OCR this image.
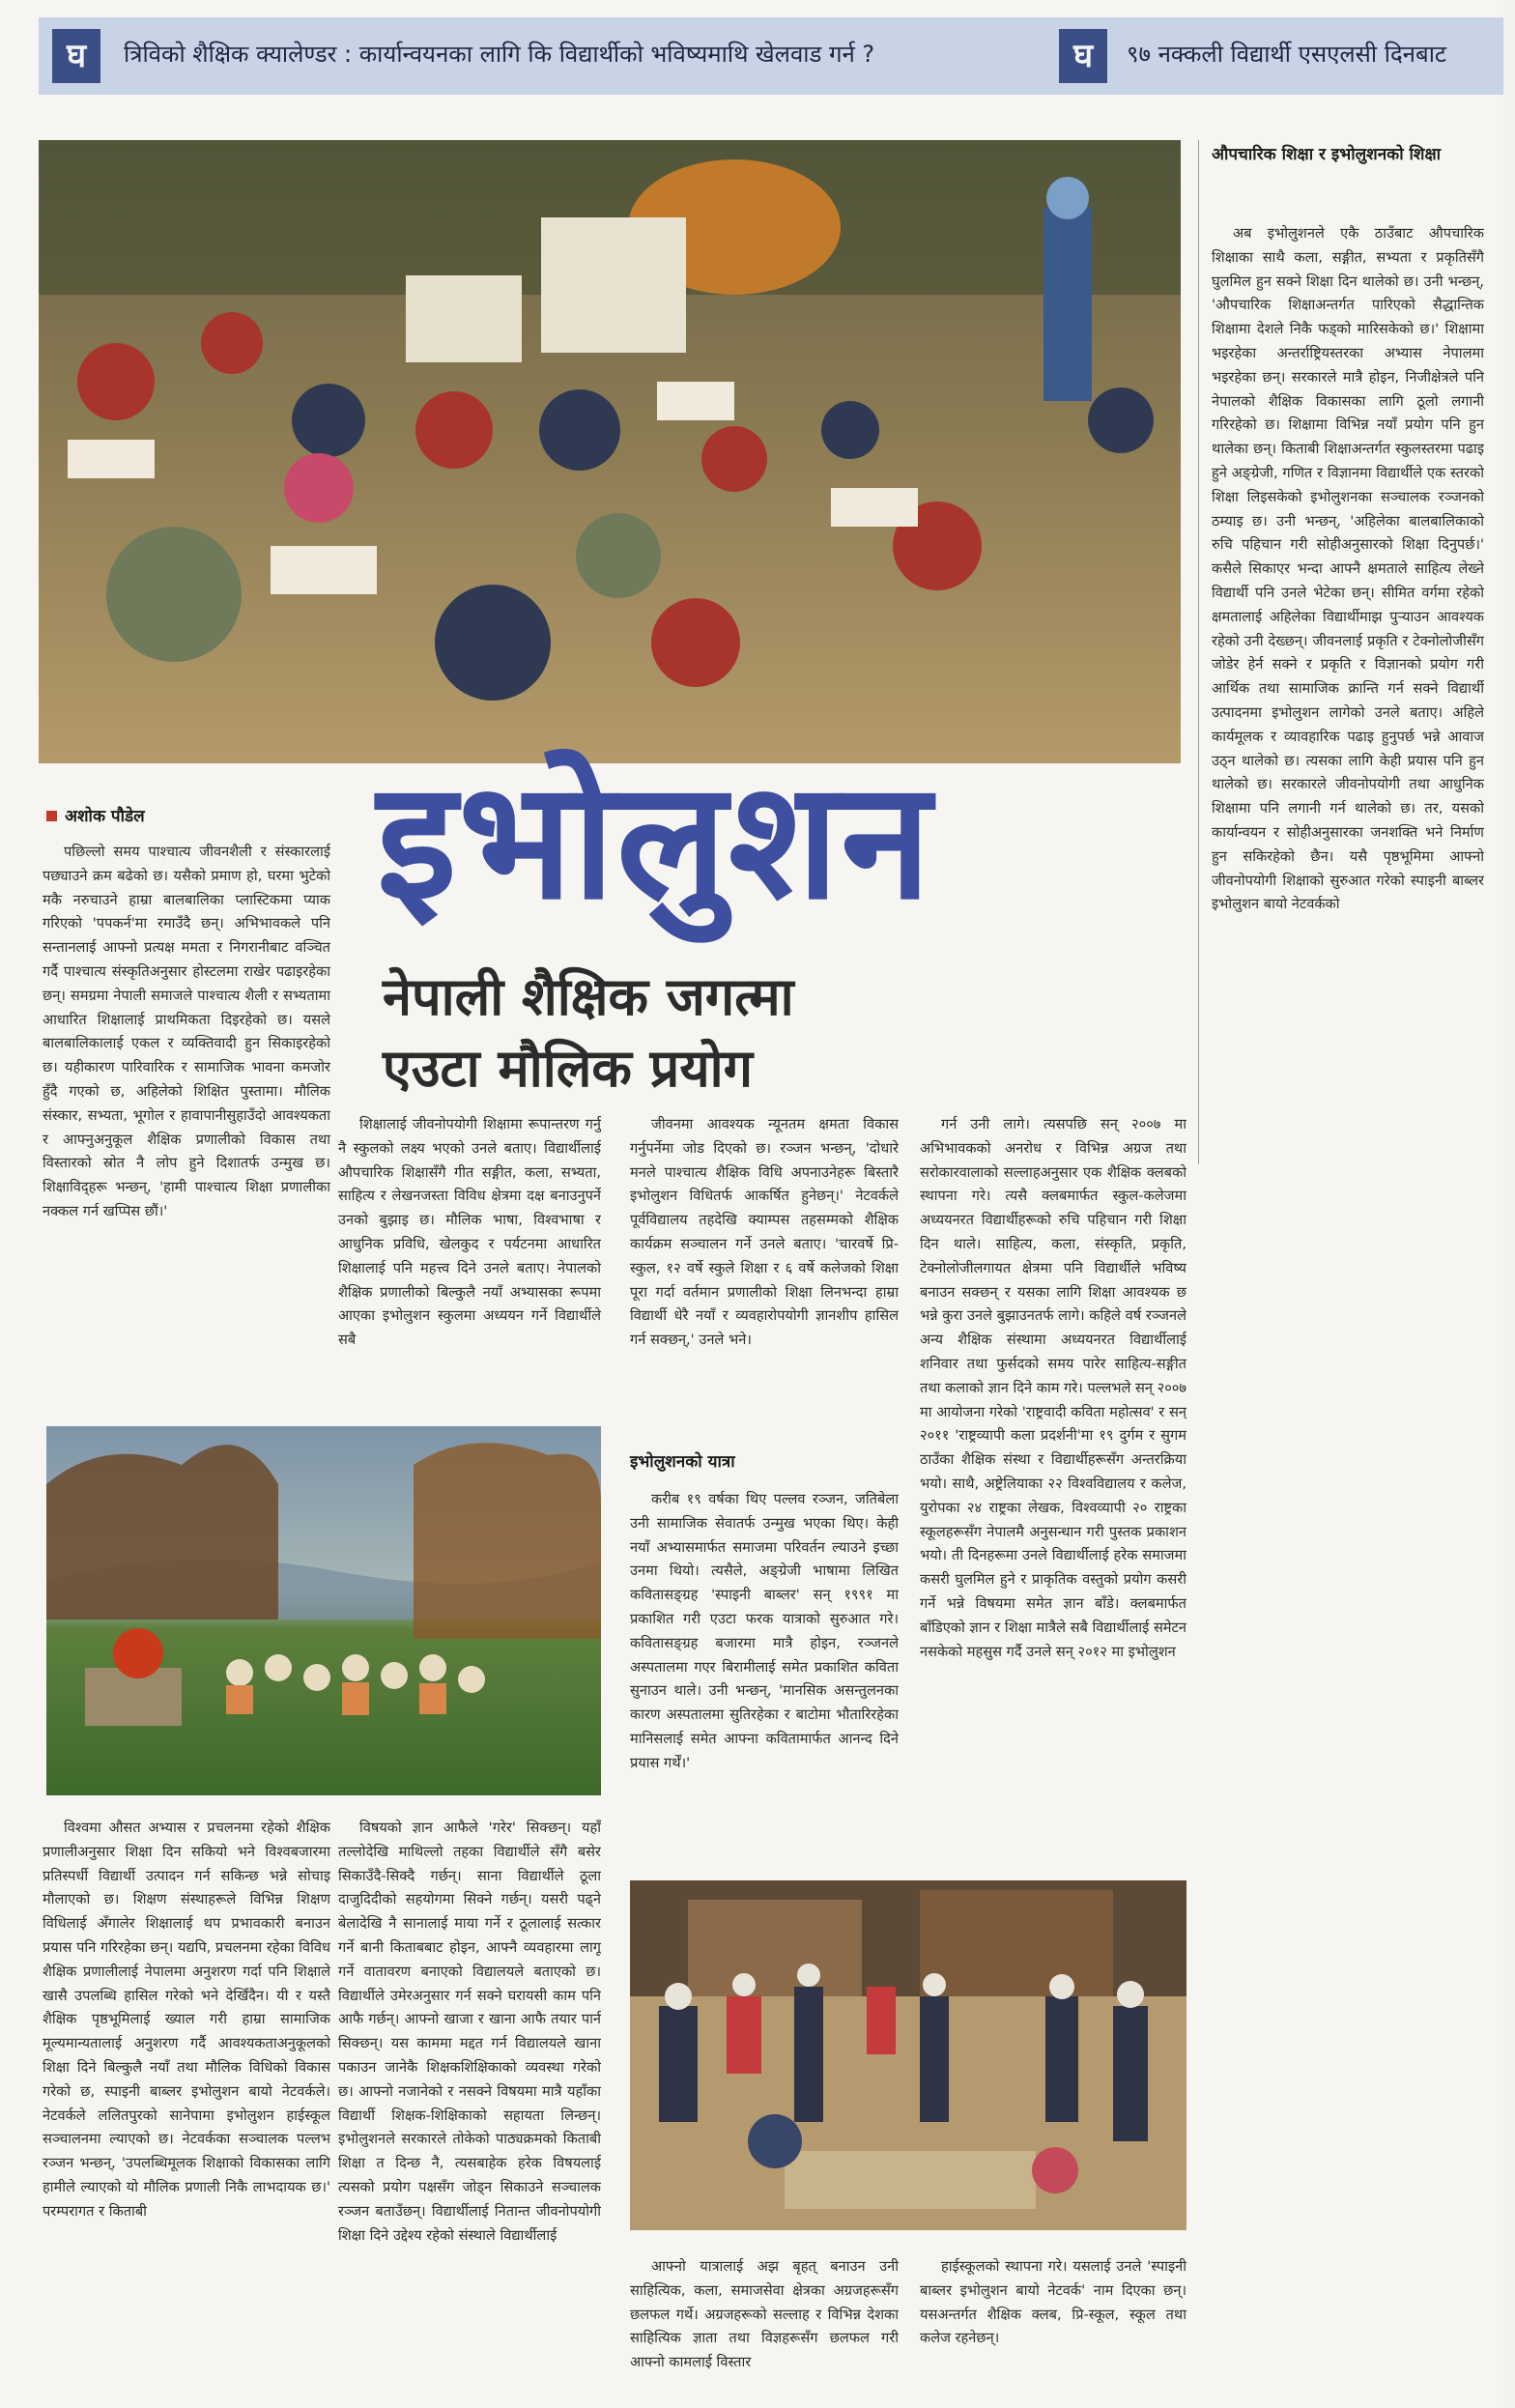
घ	त्रिविको शैक्षिक क्यालेण्डर : कार्यान्वयनका लागि कि विद्यार्थीको भविष्यमाथि खेलवाड गर्न ?	घ	९७ नक्कली विद्यार्थी एसएलसी दिनबाट
औपचारिक शिक्षा र इभोलुशनको शिक्षा

अब इभोलुशनले एकै ठाउँबाट औपचारिक शिक्षाका साथै कला, सङ्गीत, सभ्यता र प्रकृतिसँगै घुलमिल हुन सक्ने शिक्षा दिन थालेको छ। उनी भन्छन्, 'औपचारिक शिक्षाअन्तर्गत पारिएको सैद्धान्तिक शिक्षामा देशले निकै फड्को मारिसकेको छ।' शिक्षामा भइरहेका अन्तर्राष्ट्रियस्तरका अभ्यास नेपालमा भइरहेका छन्। सरकारले मात्रै होइन, निजीक्षेत्रले पनि नेपालको शैक्षिक विकासका लागि ठूलो लगानी गरिरहेको छ। शिक्षामा विभिन्न नयाँ प्रयोग पनि हुन थालेका छन्। किताबी शिक्षाअन्तर्गत स्कुलस्तरमा पढाइ हुने अङ्ग्रेजी, गणित र विज्ञानमा विद्यार्थीले एक स्तरको शिक्षा लिइसकेको इभोलुशनका सञ्चालक रञ्जनको ठम्याइ छ। उनी भन्छन्, 'अहिलेका बालबालिकाको रुचि पहिचान गरी सोहीअनुसारको शिक्षा दिनुपर्छ।' कसैले सिकाएर भन्दा आफ्नै क्षमताले साहित्य लेख्ने विद्यार्थी पनि उनले भेटेका छन्। सीमित वर्गमा रहेको क्षमतालाई अहिलेका विद्यार्थीमाझ पुऱ्याउन आवश्यक रहेको उनी देख्छन्। जीवनलाई प्रकृति र टेक्नोलोजीसँग जोडेर हेर्न सक्ने र प्रकृति र विज्ञानको प्रयोग गरी आर्थिक तथा सामाजिक क्रान्ति गर्न सक्ने विद्यार्थी उत्पादनमा इभोलुशन लागेको उनले बताए। अहिले कार्यमूलक र व्यावहारिक पढाइ हुनुपर्छ भन्ने आवाज उठ्न थालेको छ। त्यसका लागि केही प्रयास पनि हुन थालेको छ। सरकारले जीवनोपयोगी तथा आधुनिक शिक्षामा पनि लगानी गर्न थालेको छ। तर, यसको कार्यान्वयन र सोहीअनुसारका जनशक्ति भने निर्माण हुन सकिरहेको छैन। यसै पृष्ठभूमिमा आफ्नो जीवनोपयोगी शिक्षाको सुरुआत गरेको स्पाइनी बाब्लर इभोलुशन बायो नेटवर्कको

अशोक पौडेल इभोलुशन
नेपाली शैक्षिक जगत्मा
एउटा मौलिक प्रयोग

पछिल्लो समय पाश्चात्य जीवनशैली र संस्कारलाई पछ्याउने क्रम बढेको छ। यसैको प्रमाण हो, घरमा भुटेको मकै नरुचाउने हाम्रा बालबालिका प्लास्टिकमा प्याक गरिएको 'पपकर्न'मा रमाउँदै छन्। अभिभावकले पनि सन्तानलाई आफ्नो प्रत्यक्ष ममता र निगरानीबाट वञ्चित गर्दै पाश्चात्य संस्कृतिअनुसार होस्टलमा राखेर पढाइरहेका छन्। समग्रमा नेपाली समाजले पाश्चात्य शैली र सभ्यतामा आधारित शिक्षालाई प्राथमिकता दिइरहेको छ। यसले बालबालिकालाई एकल र व्यक्तिवादी हुन सिकाइरहेको छ। यहीकारण पारिवारिक र सामाजिक भावना कमजोर हुँदै गएको छ, अहिलेको शिक्षित पुस्तामा। मौलिक संस्कार, सभ्यता, भूगोल र हावापानीसुहाउँदो आवश्यकता र आफ्नुअनुकूल शैक्षिक प्रणालीको विकास तथा विस्तारको स्रोत नै लोप हुने दिशातर्फ उन्मुख छ। शिक्षाविद्हरू भन्छन्, 'हामी पाश्चात्य शिक्षा प्रणालीका नक्कल गर्न खप्पिस छौं।'

शिक्षालाई जीवनोपयोगी शिक्षामा रूपान्तरण गर्नु नै स्कुलको लक्ष्य भएको उनले बताए। विद्यार्थीलाई औपचारिक शिक्षासँगै गीत सङ्गीत, कला, सभ्यता, साहित्य र लेखनजस्ता विविध क्षेत्रमा दक्ष बनाउनुपर्ने उनको बुझाइ छ। मौलिक भाषा, विश्वभाषा र आधुनिक प्रविधि, खेलकुद र पर्यटनमा आधारित शिक्षालाई पनि महत्त्व दिने उनले बताए। नेपालको शैक्षिक प्रणालीको बिल्कुलै नयाँ अभ्यासका रूपमा आएका इभोलुशन स्कुलमा अध्ययन गर्ने विद्यार्थीले सबै

जीवनमा आवश्यक न्यूनतम क्षमता विकास गर्नुपर्नेमा जोड दिएको छ। रञ्जन भन्छन्, 'दोधारे मनले पाश्चात्य शैक्षिक विधि अपनाउनेहरू बिस्तारै इभोलुशन विधितर्फ आकर्षित हुनेछन्।' नेटवर्कले पूर्वविद्यालय तहदेखि क्याम्पस तहसम्मको शैक्षिक कार्यक्रम सञ्चालन गर्ने उनले बताए। 'चारवर्षे प्रि-स्कुल, १२ वर्षे स्कुले शिक्षा र ६ वर्षे कलेजको शिक्षा पूरा गर्दा वर्तमान प्रणालीको शिक्षा लिनभन्दा हाम्रा विद्यार्थी धेरै नयाँ र व्यवहारोपयोगी ज्ञानशीप हासिल गर्न सक्छन्,' उनले भने।

इभोलुशनको यात्रा

करीब १९ वर्षका थिए पल्लव रञ्जन, जतिबेला उनी सामाजिक सेवातर्फ उन्मुख भएका थिए। केही नयाँ अभ्यासमार्फत समाजमा परिवर्तन ल्याउने इच्छा उनमा थियो। त्यसैले, अङ्ग्रेजी भाषामा लिखित कवितासङ्ग्रह 'स्पाइनी बाब्लर' सन् १९९१ मा प्रकाशित गरी एउटा फरक यात्राको सुरुआत गरे। कवितासङ्ग्रह बजारमा मात्रै होइन, रञ्जनले अस्पतालमा गएर बिरामीलाई समेत प्रकाशित कविता सुनाउन थाले। उनी भन्छन्, 'मानसिक असन्तुलनका कारण अस्पतालमा सुतिरहेका र बाटोमा भौतारिरहेका मानिसलाई समेत आफ्ना कवितामार्फत आनन्द दिने प्रयास गर्थें।'

गर्न उनी लागे। त्यसपछि सन् २००७ मा अभिभावकको अनरोध र विभिन्न अग्रज तथा सरोकारवालाको सल्लाहअनुसार एक शैक्षिक क्लबको स्थापना गरे। त्यसै क्लबमार्फत स्कुल-कलेजमा अध्ययनरत विद्यार्थीहरूको रुचि पहिचान गरी शिक्षा दिन थाले। साहित्य, कला, संस्कृति, प्रकृति, टेक्नोलोजीलगायत क्षेत्रमा पनि विद्यार्थीले भविष्य बनाउन सक्छन् र यसका लागि शिक्षा आवश्यक छ भन्ने कुरा उनले बुझाउनतर्फ लागे। कहिले वर्ष रञ्जनले अन्य शैक्षिक संस्थामा अध्ययनरत विद्यार्थीलाई शनिवार तथा फुर्सदको समय पारेर साहित्य-सङ्गीत तथा कलाको ज्ञान दिने काम गरे। पल्लभले सन् २००७ मा आयोजना गरेको 'राष्ट्रवादी कविता महोत्सव' र सन् २०११ 'राष्ट्रव्यापी कला प्रदर्शनी'मा १९ दुर्गम र सुगम ठाउँका शैक्षिक संस्था र विद्यार्थीहरूसँग अन्तरक्रिया भयो। साथै, अष्ट्रेलियाका २२ विश्वविद्यालय र कलेज, युरोपका २४ राष्ट्रका लेखक, विश्वव्यापी २० राष्ट्रका स्कूलहरूसँग नेपालमै अनुसन्धान गरी पुस्तक प्रकाशन भयो। ती दिनहरूमा उनले विद्यार्थीलाई हरेक समाजमा कसरी घुलमिल हुने र प्राकृतिक वस्तुको प्रयोग कसरी गर्ने भन्ने विषयमा समेत ज्ञान बाँडे। क्लबमार्फत बाँडिएको ज्ञान र शिक्षा मात्रैले सबै विद्यार्थीलाई समेटन नसकेको महसुस गर्दै उनले सन् २०१२ मा इभोलुशन

विश्वमा औसत अभ्यास र प्रचलनमा रहेको शैक्षिक प्रणालीअनुसार शिक्षा दिन सकियो भने विश्वबजारमा प्रतिस्पर्धी विद्यार्थी उत्पादन गर्न सकिन्छ भन्ने सोचाइ मौलाएको छ। शिक्षण संस्थाहरूले विभिन्न शिक्षण विधिलाई अँगालेर शिक्षालाई थप प्रभावकारी बनाउन प्रयास पनि गरिरहेका छन्। यद्यपि, प्रचलनमा रहेका विविध शैक्षिक प्रणालीलाई नेपालमा अनुशरण गर्दा पनि शिक्षाले खासै उपलब्धि हासिल गरेको भने देखिँदैन। यी र यस्तै शैक्षिक पृष्ठभूमिलाई ख्याल गरी हाम्रा सामाजिक मूल्यमान्यतालाई अनुशरण गर्दै आवश्यकताअनुकूलको शिक्षा दिने बिल्कुलै नयाँ तथा मौलिक विधिको विकास गरेको छ, स्पाइनी बाब्लर इभोलुशन बायो नेटवर्कले। नेटवर्कले ललितपुरको सानेपामा इभोलुशन हाईस्कूल सञ्चालनमा ल्याएको छ। नेटवर्कका सञ्चालक पल्लभ रञ्जन भन्छन्, 'उपलब्धिमूलक शिक्षाको विकासका लागि हामीले ल्याएको यो मौलिक प्रणाली निकै लाभदायक छ।' परम्परागत र किताबी

विषयको ज्ञान आफैले 'गरेर' सिक्छन्। यहाँ तल्लोदेखि माथिल्लो तहका विद्यार्थीले सँगै बसेर सिकाउँदै-सिक्दै गर्छन्। साना विद्यार्थीले ठूला दाजुदिदीको सहयोगमा सिक्ने गर्छन्। यसरी पढ्ने बेलादेखि नै सानालाई माया गर्ने र ठूलालाई सत्कार गर्ने बानी किताबबाट होइन, आफ्नै व्यवहारमा लागू गर्ने वातावरण बनाएको विद्यालयले बताएको छ। विद्यार्थीले उमेरअनुसार गर्न सक्ने घरायसी काम पनि आफै गर्छन्। आफ्नो खाजा र खाना आफै तयार पार्न सिक्छन्। यस काममा मद्दत गर्न विद्यालयले खाना पकाउन जानेकै शिक्षकशिक्षिकाको व्यवस्था गरेको छ। आफ्नो नजानेको र नसक्ने विषयमा मात्रै यहाँका विद्यार्थी शिक्षक-शिक्षिकाको सहायता लिन्छन्। इभोलुशनले सरकारले तोकेको पाठ्यक्रमको किताबी शिक्षा त दिन्छ नै, त्यसबाहेक हरेक विषयलाई त्यसको प्रयोग पक्षसँग जोड्न सिकाउने सञ्चालक रञ्जन बताउँछन्। विद्यार्थीलाई नितान्त जीवनोपयोगी शिक्षा दिने उद्देश्य रहेको संस्थाले विद्यार्थीलाई

आफ्नो यात्रालाई अझ बृहत् बनाउन उनी साहित्यिक, कला, समाजसेवा क्षेत्रका अग्रजहरूसँग छलफल गर्थे। अग्रजहरूको सल्लाह र विभिन्न देशका साहित्यिक ज्ञाता तथा विज्ञहरूसँग छलफल गरी आफ्नो कामलाई विस्तार

हाईस्कूलको स्थापना गरे। यसलाई उनले 'स्पाइनी बाब्लर इभोलुशन बायो नेटवर्क' नाम दिएका छन्। यसअन्तर्गत शैक्षिक क्लब, प्रि-स्कूल, स्कूल तथा कलेज रहनेछन्।
